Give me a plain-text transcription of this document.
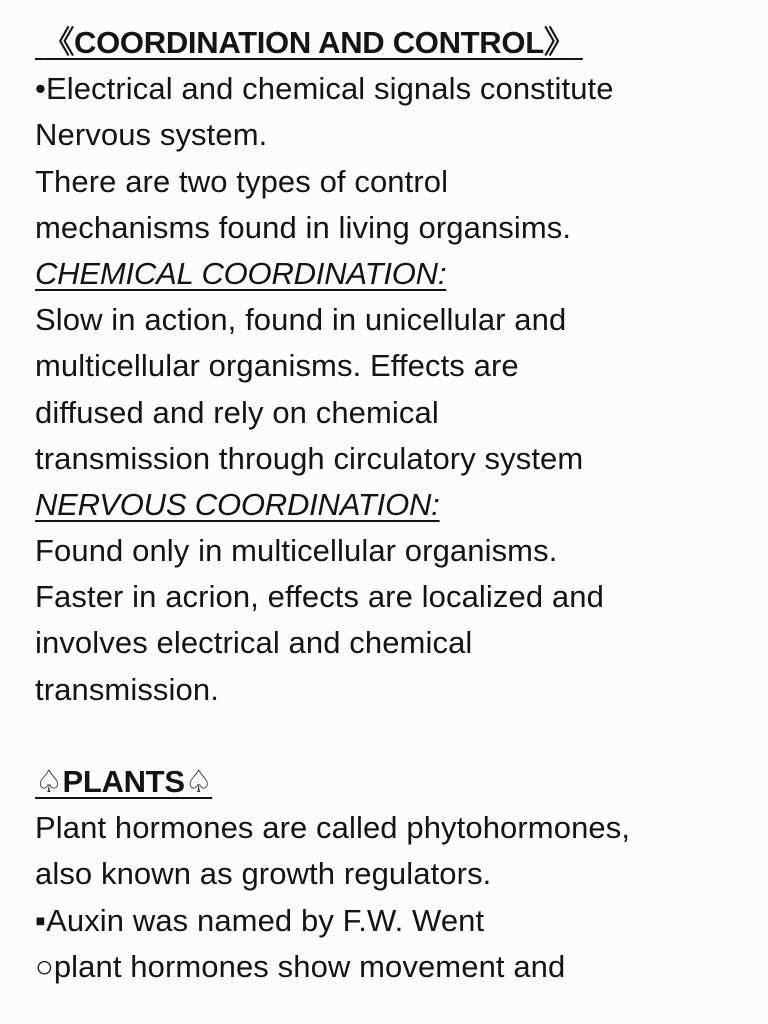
《COORDINATION AND CONTROL》
•Electrical and chemical signals constitute
Nervous system.
There are two types of control
mechanisms found in living organsims.
CHEMICAL COORDINATION:
Slow in action, found in unicellular and
multicellular organisms. Effects are
diffused and rely on chemical
transmission through circulatory system
NERVOUS COORDINATION:
Found only in multicellular organisms.
Faster in acrion, effects are localized and
involves electrical and chemical
transmission.
♤PLANTS♤
Plant hormones are called phytohormones,
also known as growth regulators.
▪Auxin was named by F.W. Went
○plant hormones show movement and
